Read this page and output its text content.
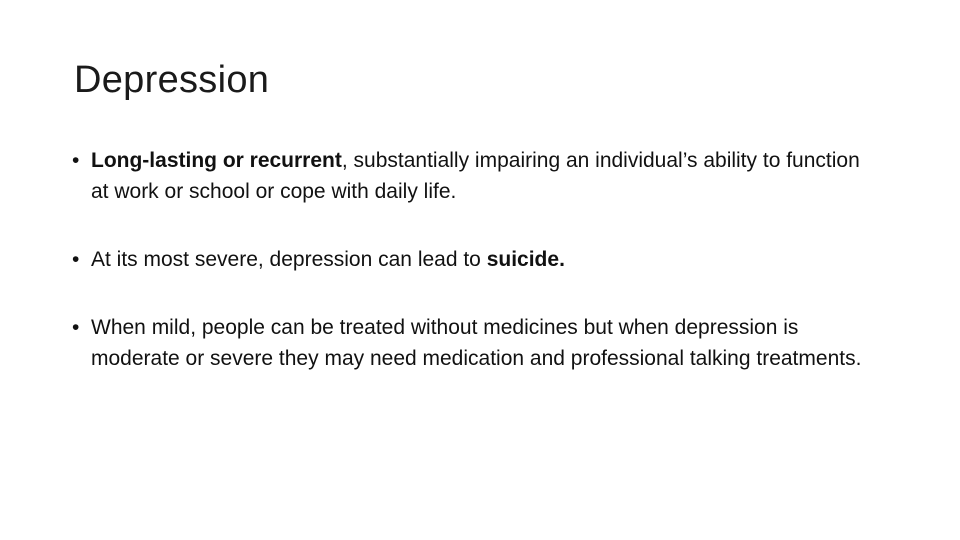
Depression
• Long-lasting or recurrent, substantially impairing an individual’s ability to function at work or school or cope with daily life.
• At its most severe, depression can lead to suicide.
• When mild, people can be treated without medicines but when depression is moderate or severe they may need medication and professional talking treatments.
